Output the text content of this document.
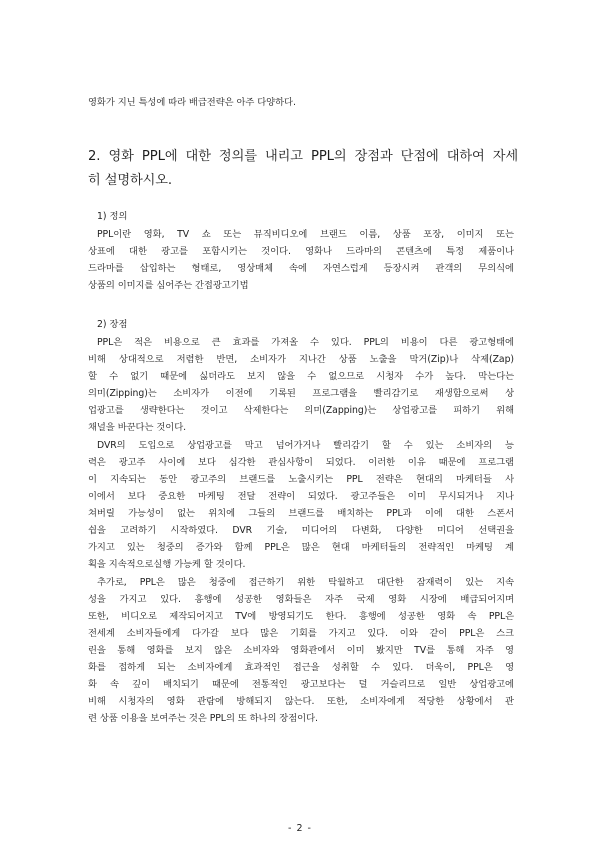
영화가 지닌 특성에 따라 배급전략은 아주 다양하다.
2. 영화 PPL에 대한 정의를 내리고 PPL의 장점과 단점에 대하여 자세
히 설명하시오.
1) 정의
PPL이란 영화, TV 쇼 또는 뮤직비디오에 브랜드 이름, 상품 포장, 이미지 또는
상표에 대한 광고를 포함시키는 것이다. 영화나 드라마의 콘텐츠에 특정 제품이나
드라마를 삽입하는 형태로, 영상매체 속에 자연스럽게 등장시켜 관객의 무의식에
상품의 이미지를 심어주는 간접광고기법
2) 장점
PPL은 적은 비용으로 큰 효과를 가져올 수 있다. PPL의 비용이 다른 광고형태에
비해 상대적으로 저렴한 반면, 소비자가 지나간 상품 노출을 막거(Zip)나 삭제(Zap)
할 수 없기 때문에 싫더라도 보지 않을 수 없으므로 시청자 수가 높다. 막는다는
의미(Zipping)는 소비자가 이전에 기록된 프로그램을 빨리감기로 재생함으로써 상
업광고를 생략한다는 것이고 삭제한다는 의미(Zapping)는 상업광고를 피하기 위해
채널을 바꾼다는 것이다.
DVR의 도입으로 상업광고를 막고 넘어가거나 빨리감기 할 수 있는 소비자의 능
력은 광고주 사이에 보다 심각한 관심사항이 되었다. 이러한 이유 때문에 프로그램
이 지속되는 동안 광고주의 브랜드를 노출시키는 PPL 전략은 현대의 마케터들 사
이에서 보다 중요한 마케팅 전달 전략이 되었다. 광고주들은 이미 무시되거나 지나
쳐버릴 가능성이 없는 위치에 그들의 브랜드를 배치하는 PPL과 이에 대한 스폰서
쉽을 고려하기 시작하였다. DVR 기술, 미디어의 다변화, 다양한 미디어 선택권을
가지고 있는 청중의 증가와 함께 PPL은 많은 현대 마케터들의 전략적인 마케팅 계
획을 지속적으로실행 가능케 할 것이다.
추가로, PPL은 많은 청중에 접근하기 위한 탁월하고 대단한 잠재력이 있는 지속
성을 가지고 있다. 흥행에 성공한 영화들은 자주 국제 영화 시장에 배급되어지며
또한, 비디오로 제작되어지고 TV에 방영되기도 한다. 흥행에 성공한 영화 속 PPL은
전세계 소비자들에게 다가갈 보다 많은 기회를 가지고 있다. 이와 같이 PPL은 스크
린을 통해 영화를 보지 않은 소비자와 영화관에서 이미 봤지만 TV를 통해 자주 영
화를 접하게 되는 소비자에게 효과적인 접근을 성취할 수 있다. 더욱이, PPL은 영
화 속 깊이 배치되기 때문에 전통적인 광고보다는 덜 거슬리므로 일반 상업광고에
비해 시청자의 영화 관람에 방해되지 않는다. 또한, 소비자에게 적당한 상황에서 관
련 상품 이용을 보여주는 것은 PPL의 또 하나의 장점이다.
- 2 -
